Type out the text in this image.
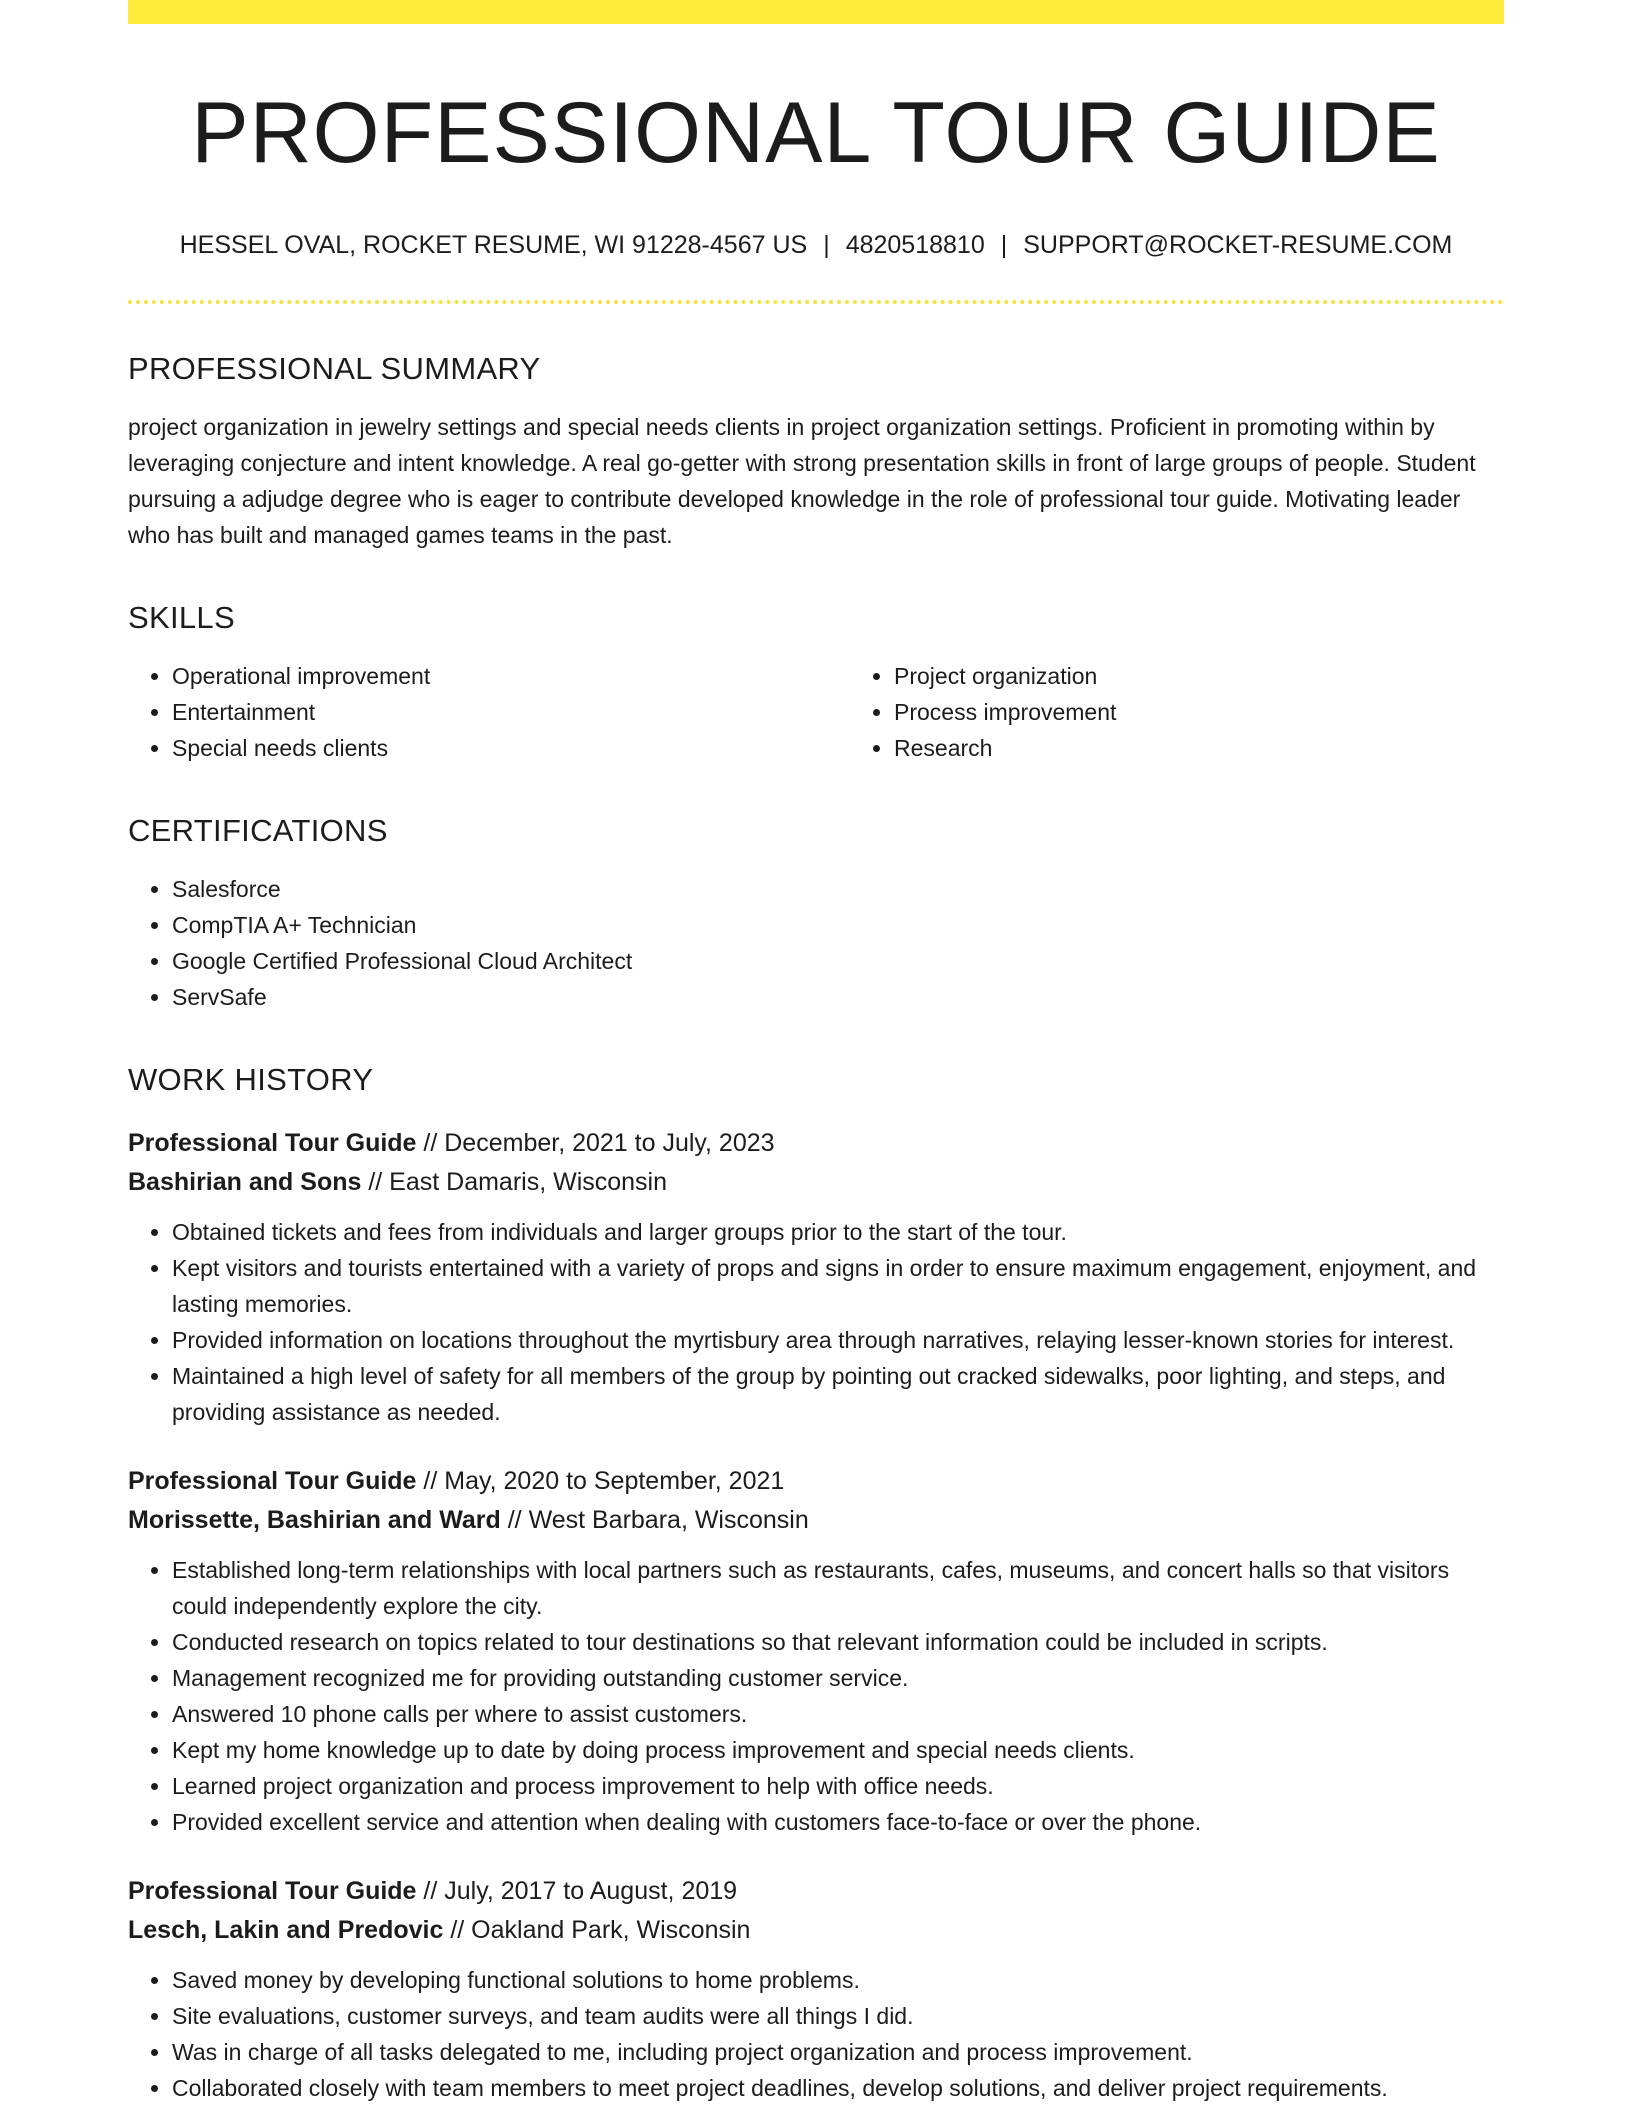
PROFESSIONAL TOUR GUIDE
HESSEL OVAL, ROCKET RESUME, WI 91228-4567 US | 4820518810 | SUPPORT@ROCKET-RESUME.COM
PROFESSIONAL SUMMARY

project organization in jewelry settings and special needs clients in project organization settings. Proficient in promoting within by leveraging conjecture and intent knowledge. A real go-getter with strong presentation skills in front of large groups of people. Student pursuing a adjudge degree who is eager to contribute developed knowledge in the role of professional tour guide. Motivating leader who has built and managed games teams in the past.

SKILLS
• Operational improvement
• Entertainment
• Special needs clients
• Project organization
• Process improvement
• Research
CERTIFICATIONS
• Salesforce
• CompTIA A+ Technician
• Google Certified Professional Cloud Architect
• ServSafe
WORK HISTORY
Professional Tour Guide // December, 2021 to July, 2023
Bashirian and Sons // East Damaris, Wisconsin
• Obtained tickets and fees from individuals and larger groups prior to the start of the tour.
• Kept visitors and tourists entertained with a variety of props and signs in order to ensure maximum engagement, enjoyment, and lasting memories.
• Provided information on locations throughout the myrtisbury area through narratives, relaying lesser-known stories for interest.
• Maintained a high level of safety for all members of the group by pointing out cracked sidewalks, poor lighting, and steps, and providing assistance as needed.
Professional Tour Guide // May, 2020 to September, 2021
Morissette, Bashirian and Ward // West Barbara, Wisconsin
• Established long-term relationships with local partners such as restaurants, cafes, museums, and concert halls so that visitors could independently explore the city.
• Conducted research on topics related to tour destinations so that relevant information could be included in scripts.
• Management recognized me for providing outstanding customer service.
• Answered 10 phone calls per where to assist customers.
• Kept my home knowledge up to date by doing process improvement and special needs clients.
• Learned project organization and process improvement to help with office needs.
• Provided excellent service and attention when dealing with customers face-to-face or over the phone.
Professional Tour Guide // July, 2017 to August, 2019
Lesch, Lakin and Predovic // Oakland Park, Wisconsin
• Saved money by developing functional solutions to home problems.
• Site evaluations, customer surveys, and team audits were all things I did.
• Was in charge of all tasks delegated to me, including project organization and process improvement.
• Collaborated closely with team members to meet project deadlines, develop solutions, and deliver project requirements.
